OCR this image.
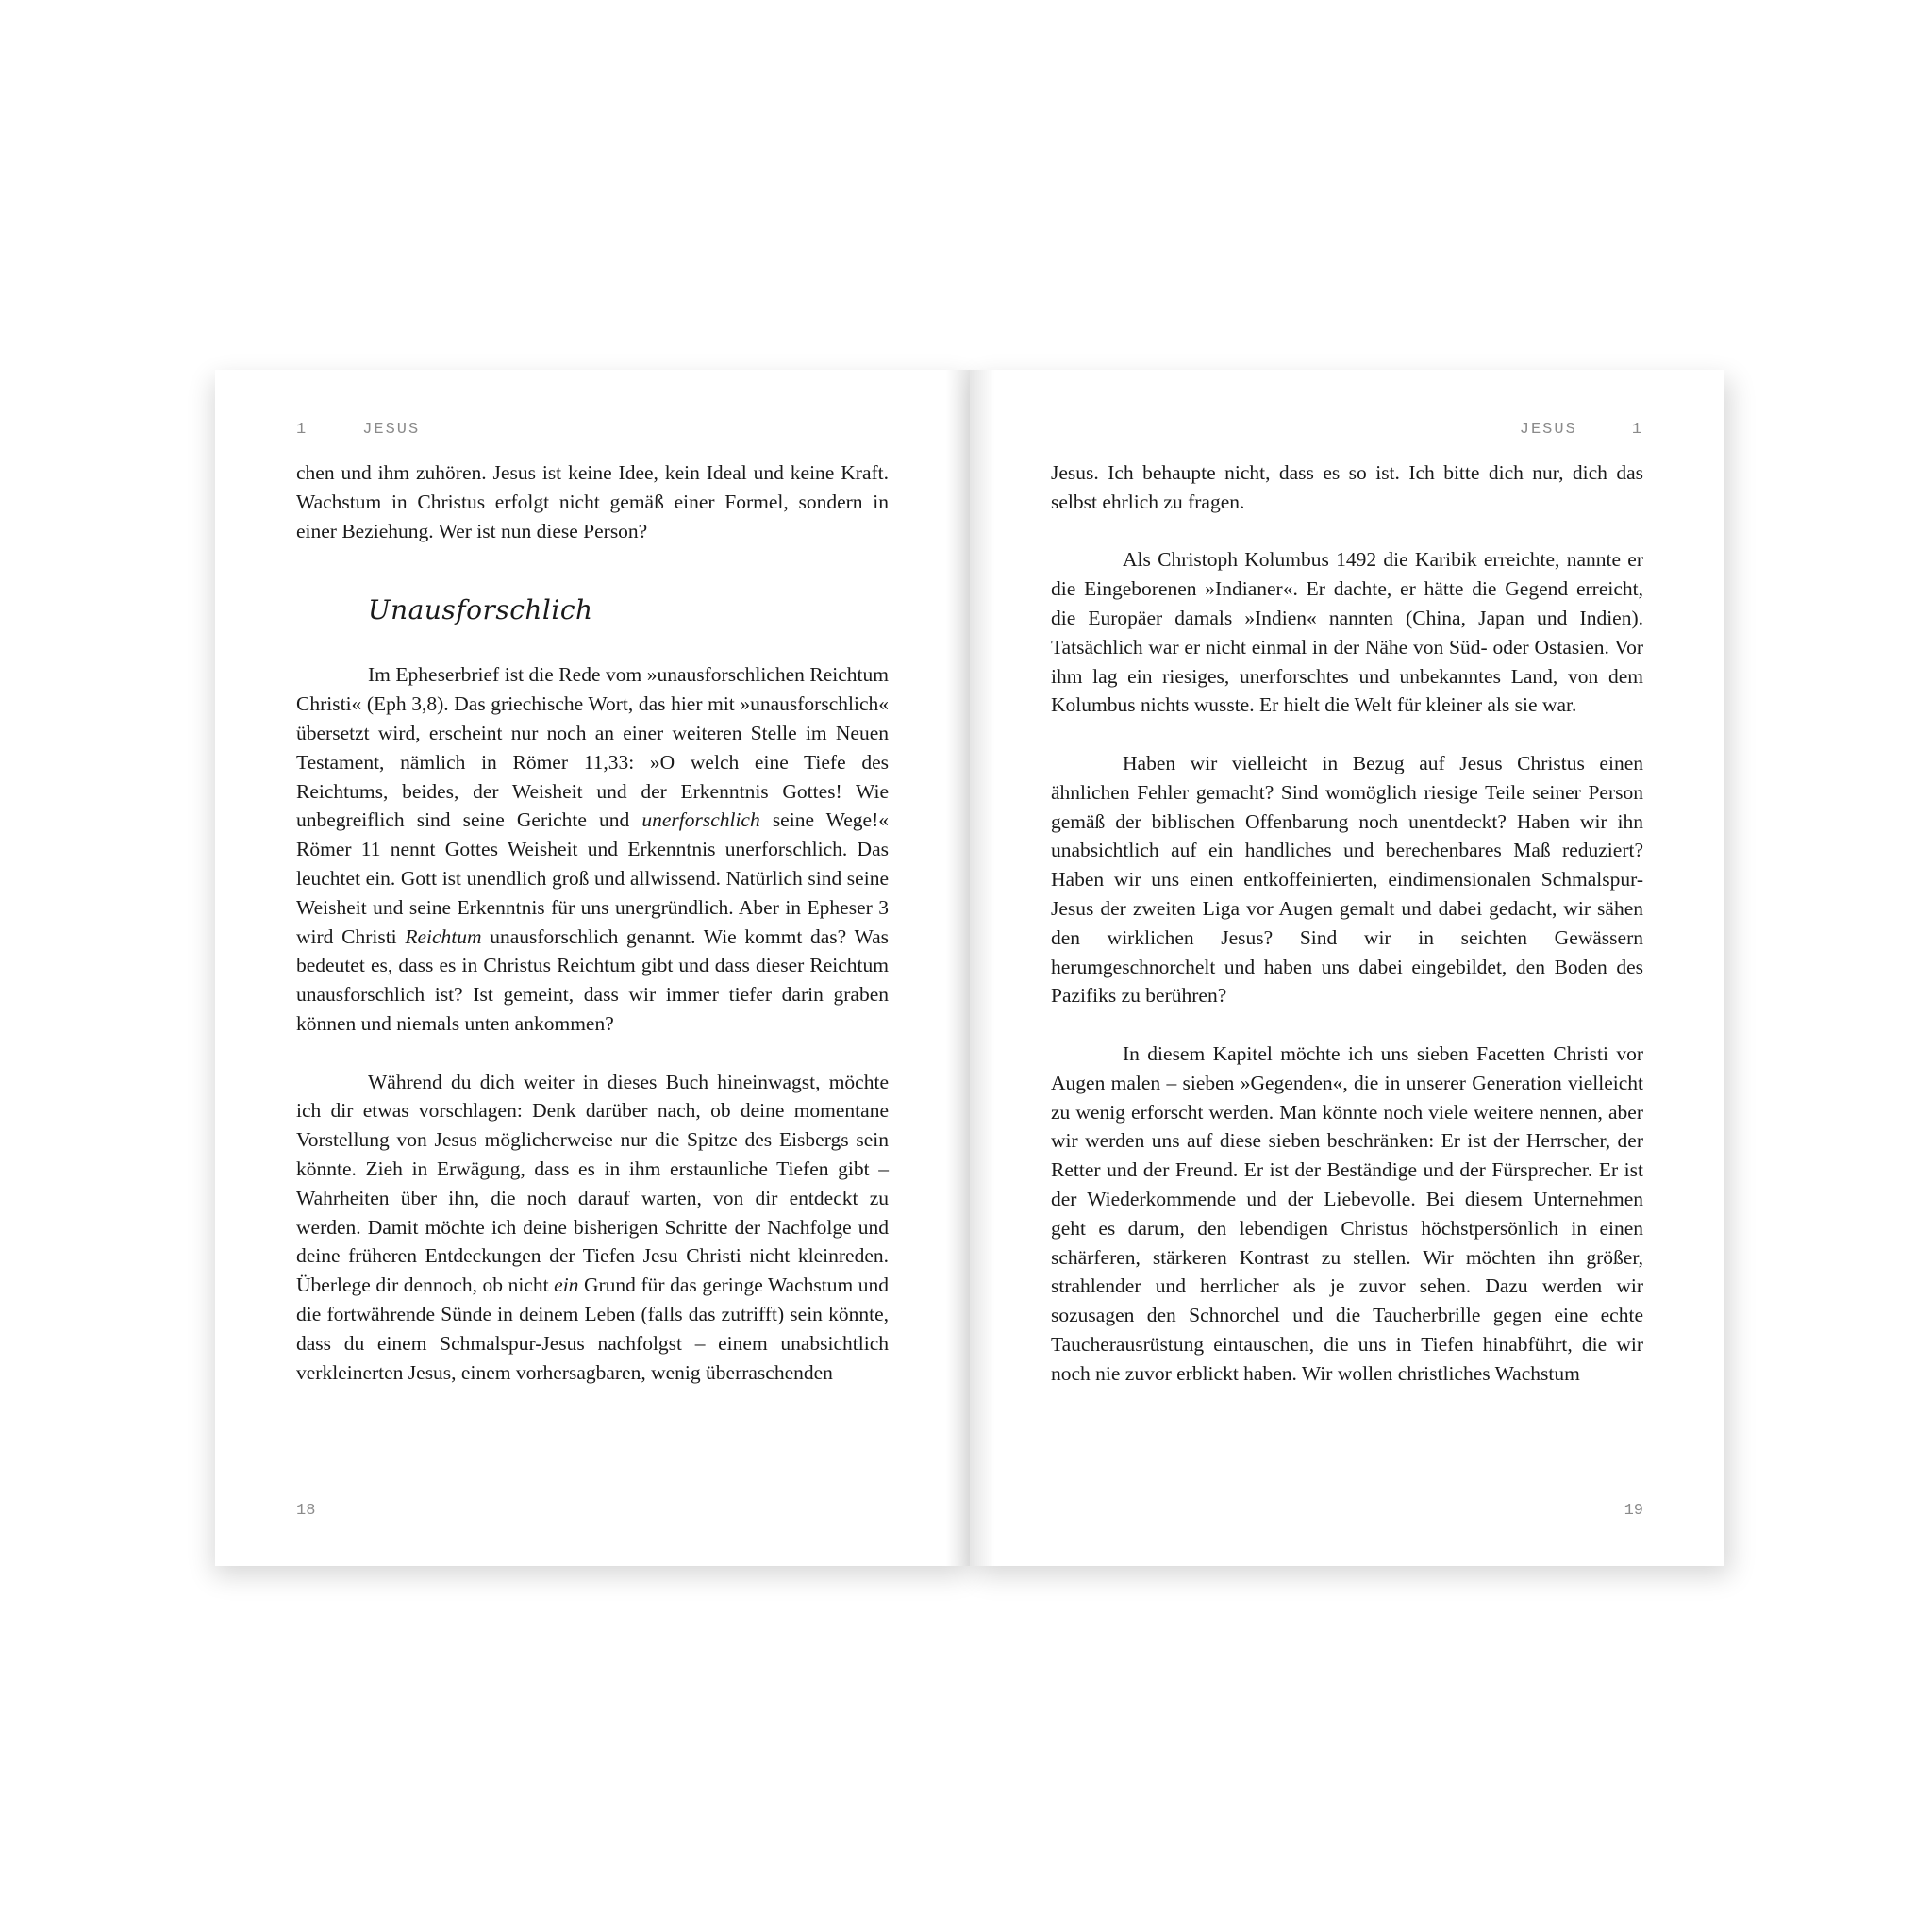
1	JESUS

chen und ihm zuhören. Jesus ist keine Idee, kein Ideal und keine Kraft. Wachstum in Christus erfolgt nicht gemäß einer Formel, sondern in einer Beziehung. Wer ist nun diese Person?

Unausforschlich

Im Epheserbrief ist die Rede vom »unausforschlichen Reichtum Christi« (Eph 3,8). Das griechische Wort, das hier mit »unausforschlich« übersetzt wird, erscheint nur noch an einer weiteren Stelle im Neuen Testament, nämlich in Römer 11,33: »O welch eine Tiefe des Reichtums, beides, der Weisheit und der Erkenntnis Gottes! Wie unbegreiflich sind seine Gerichte und unerforschlich seine Wege!« Römer 11 nennt Gottes Weisheit und Erkenntnis unerforschlich. Das leuchtet ein. Gott ist unendlich groß und allwissend. Natürlich sind seine Weisheit und seine Erkenntnis für uns unergründlich. Aber in Epheser 3 wird Christi Reichtum unausforschlich genannt. Wie kommt das? Was bedeutet es, dass es in Christus Reichtum gibt und dass dieser Reichtum unausforschlich ist? Ist gemeint, dass wir immer tiefer darin graben können und niemals unten ankommen?

Während du dich weiter in dieses Buch hineinwagst, möchte ich dir etwas vorschlagen: Denk darüber nach, ob deine momentane Vorstellung von Jesus möglicherweise nur die Spitze des Eisbergs sein könnte. Zieh in Erwägung, dass es in ihm erstaunliche Tiefen gibt – Wahrheiten über ihn, die noch darauf warten, von dir entdeckt zu werden. Damit möchte ich deine bisherigen Schritte der Nachfolge und deine früheren Entdeckungen der Tiefen Jesu Christi nicht kleinreden. Überlege dir dennoch, ob nicht ein Grund für das geringe Wachstum und die fortwährende Sünde in deinem Leben (falls das zutrifft) sein könnte, dass du einem Schmalspur-Jesus nachfolgst – einem unabsichtlich verkleinerten Jesus, einem vorhersagbaren, wenig überraschenden

18
JESUS	1

Jesus. Ich behaupte nicht, dass es so ist. Ich bitte dich nur, dich das selbst ehrlich zu fragen.

Als Christoph Kolumbus 1492 die Karibik erreichte, nannte er die Eingeborenen »Indianer«. Er dachte, er hätte die Gegend erreicht, die Europäer damals »Indien« nannten (China, Japan und Indien). Tatsächlich war er nicht einmal in der Nähe von Süd- oder Ostasien. Vor ihm lag ein riesiges, unerforschtes und unbekanntes Land, von dem Kolumbus nichts wusste. Er hielt die Welt für kleiner als sie war.

Haben wir vielleicht in Bezug auf Jesus Christus einen ähnlichen Fehler gemacht? Sind womöglich riesige Teile seiner Person gemäß der biblischen Offenbarung noch unentdeckt? Haben wir ihn unabsichtlich auf ein handliches und berechenbares Maß reduziert? Haben wir uns einen entkoffeinierten, eindimensionalen Schmalspur-Jesus der zweiten Liga vor Augen gemalt und dabei gedacht, wir sähen den wirklichen Jesus? Sind wir in seichten Gewässern herumgeschnorchelt und haben uns dabei eingebildet, den Boden des Pazifiks zu berühren?

In diesem Kapitel möchte ich uns sieben Facetten Christi vor Augen malen – sieben »Gegenden«, die in unserer Generation vielleicht zu wenig erforscht werden. Man könnte noch viele weitere nennen, aber wir werden uns auf diese sieben beschränken: Er ist der Herrscher, der Retter und der Freund. Er ist der Beständige und der Fürsprecher. Er ist der Wiederkommende und der Liebevolle. Bei diesem Unternehmen geht es darum, den lebendigen Christus höchstpersönlich in einen schärferen, stärkeren Kontrast zu stellen. Wir möchten ihn größer, strahlender und herrlicher als je zuvor sehen. Dazu werden wir sozusagen den Schnorchel und die Taucherbrille gegen eine echte Taucherausrüstung eintauschen, die uns in Tiefen hinabführt, die wir noch nie zuvor erblickt haben. Wir wollen christliches Wachstum

19
